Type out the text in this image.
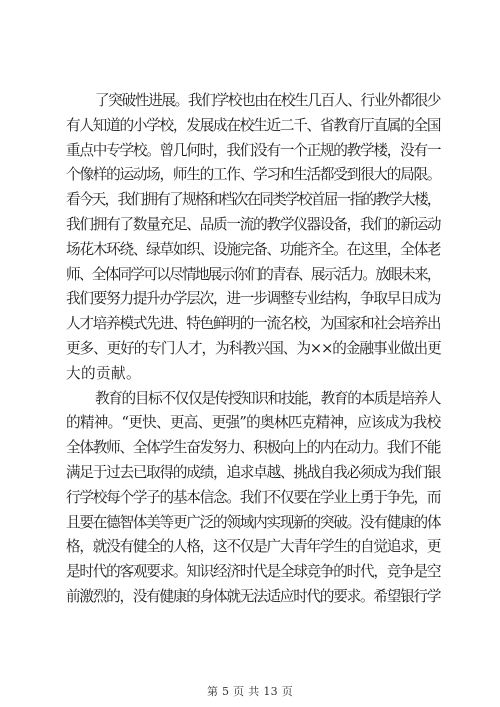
了突破性进展。我们学校也由在校生几百人、行业外都很少
有人知道的小学校，发展成在校生近二千、省教育厅直属的全国
重点中专学校。曾几何时，我们没有一个正规的教学楼，没有一
个像样的运动场，师生的工作、学习和生活都受到很大的局限。
看今天，我们拥有了规格和档次在同类学校首屈一指的教学大楼，
我们拥有了数量充足、品质一流的教学仪器设备，我们的新运动
场花木环绕、绿草如织、设施完备、功能齐全。在这里，全体老
师、全体同学可以尽情地展示你们的青春、展示活力。放眼未来，
我们要努力提升办学层次，进一步调整专业结构，争取早日成为
人才培养模式先进、特色鲜明的一流名校，为国家和社会培养出
更多、更好的专门人才，为科教兴国、为××的金融事业做出更
大的贡献。
教育的目标不仅仅是传授知识和技能，教育的本质是培养人
的精神。“更快、更高、更强”的奥林匹克精神，应该成为我校
全体教师、全体学生奋发努力、积极向上的内在动力。我们不能
满足于过去已取得的成绩，追求卓越、挑战自我必须成为我们银
行学校每个学子的基本信念。我们不仅要在学业上勇于争先，而
且要在德智体美等更广泛的领域内实现新的突破。没有健康的体
格，就没有健全的人格，这不仅是广大青年学生的自觉追求，更
是时代的客观要求。知识经济时代是全球竞争的时代，竞争是空
前激烈的，没有健康的身体就无法适应时代的要求。希望银行学
第 5 页 共 13 页
